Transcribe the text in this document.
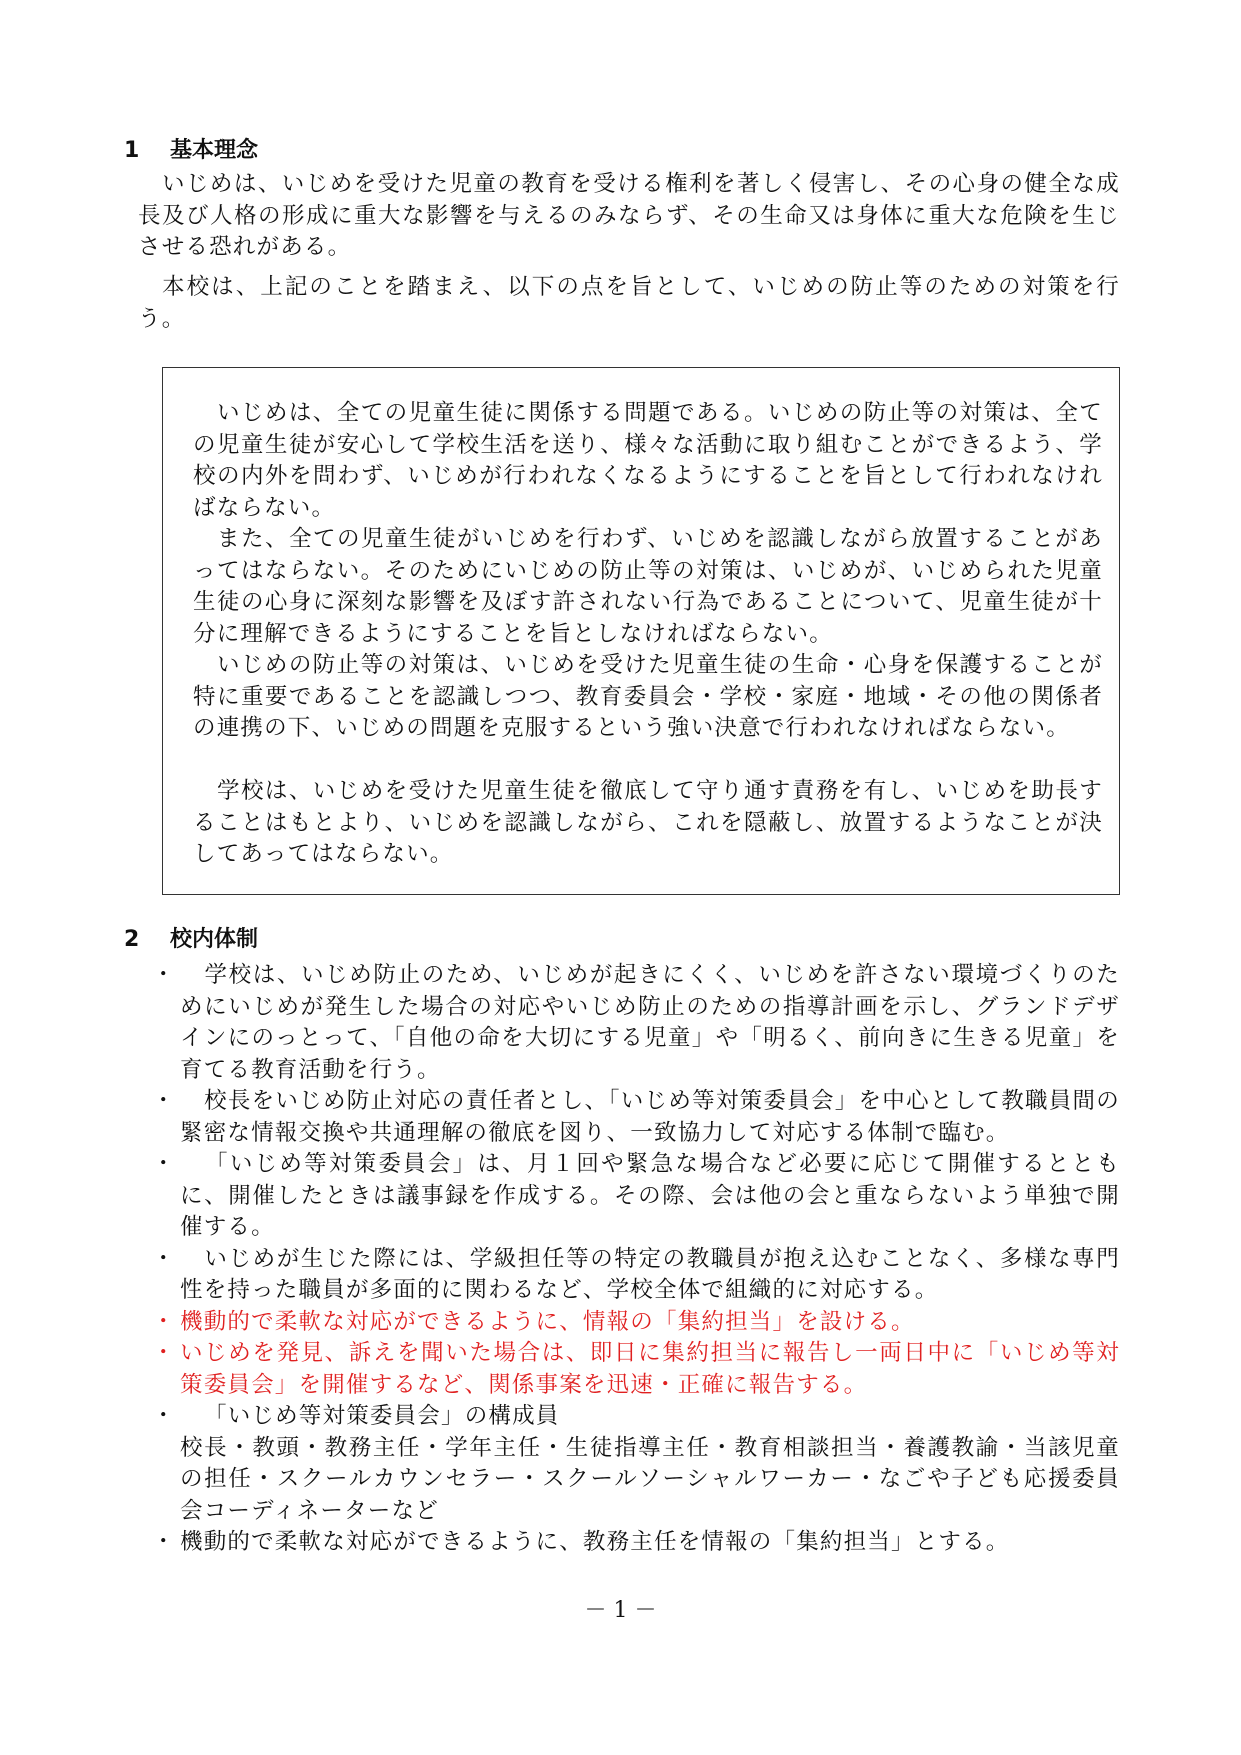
1 基本理念

いじめは、いじめを受けた児童の教育を受ける権利を著しく侵害し、その心身の健全な成長及び人格の形成に重大な影響を与えるのみならず、その生命又は身体に重大な危険を生じさせる恐れがある。

本校は、上記のことを踏まえ、以下の点を旨として、いじめの防止等のための対策を行う。

いじめは、全ての児童生徒に関係する問題である。いじめの防止等の対策は、全ての児童生徒が安心して学校生活を送り、様々な活動に取り組むことができるよう、学校の内外を問わず、いじめが行われなくなるようにすることを旨として行われなければならない。

また、全ての児童生徒がいじめを行わず、いじめを認識しながら放置することがあってはならない。そのためにいじめの防止等の対策は、いじめが、いじめられた児童生徒の心身に深刻な影響を及ぼす許されない行為であることについて、児童生徒が十分に理解できるようにすることを旨としなければならない。

いじめの防止等の対策は、いじめを受けた児童生徒の生命・心身を保護することが特に重要であることを認識しつつ、教育委員会・学校・家庭・地域・その他の関係者の連携の下、いじめの問題を克服するという強い決意で行われなければならない。

学校は、いじめを受けた児童生徒を徹底して守り通す責務を有し、いじめを助長することはもとより、いじめを認識しながら、これを隠蔽し、放置するようなことが決してあってはならない。

2 校内体制
・	学校は、いじめ防止のため、いじめが起きにくく、いじめを許さない環境づくりのためにいじめが発生した場合の対応やいじめ防止のための指導計画を示し、グランドデザインにのっとって、「自他の命を大切にする児童」や「明るく、前向きに生きる児童」を育てる教育活動を行う。
・	校長をいじめ防止対応の責任者とし、「いじめ等対策委員会」を中心として教職員間の緊密な情報交換や共通理解の徹底を図り、一致協力して対応する体制で臨む。
・	「いじめ等対策委員会」は、月１回や緊急な場合など必要に応じて開催するとともに、開催したときは議事録を作成する。その際、会は他の会と重ならないよう単独で開催する。
・	いじめが生じた際には、学級担任等の特定の教職員が抱え込むことなく、多様な専門性を持った職員が多面的に関わるなど、学校全体で組織的に対応する。
・ 機動的で柔軟な対応ができるように、情報の「集約担当」を設ける。
・ いじめを発見、訴えを聞いた場合は、即日に集約担当に報告し一両日中に「いじめ等対策委員会」を開催するなど、関係事案を迅速・正確に報告する。
・	「いじめ等対策委員会」の構成員
校長・教頭・教務主任・学年主任・生徒指導主任・教育相談担当・養護教諭・当該児童の担任・スクールカウンセラー・スクールソーシャルワーカー・なごや子ども応援委員会コーディネーターなど
・ 機動的で柔軟な対応ができるように、教務主任を情報の「集約担当」とする。
－ 1 －
